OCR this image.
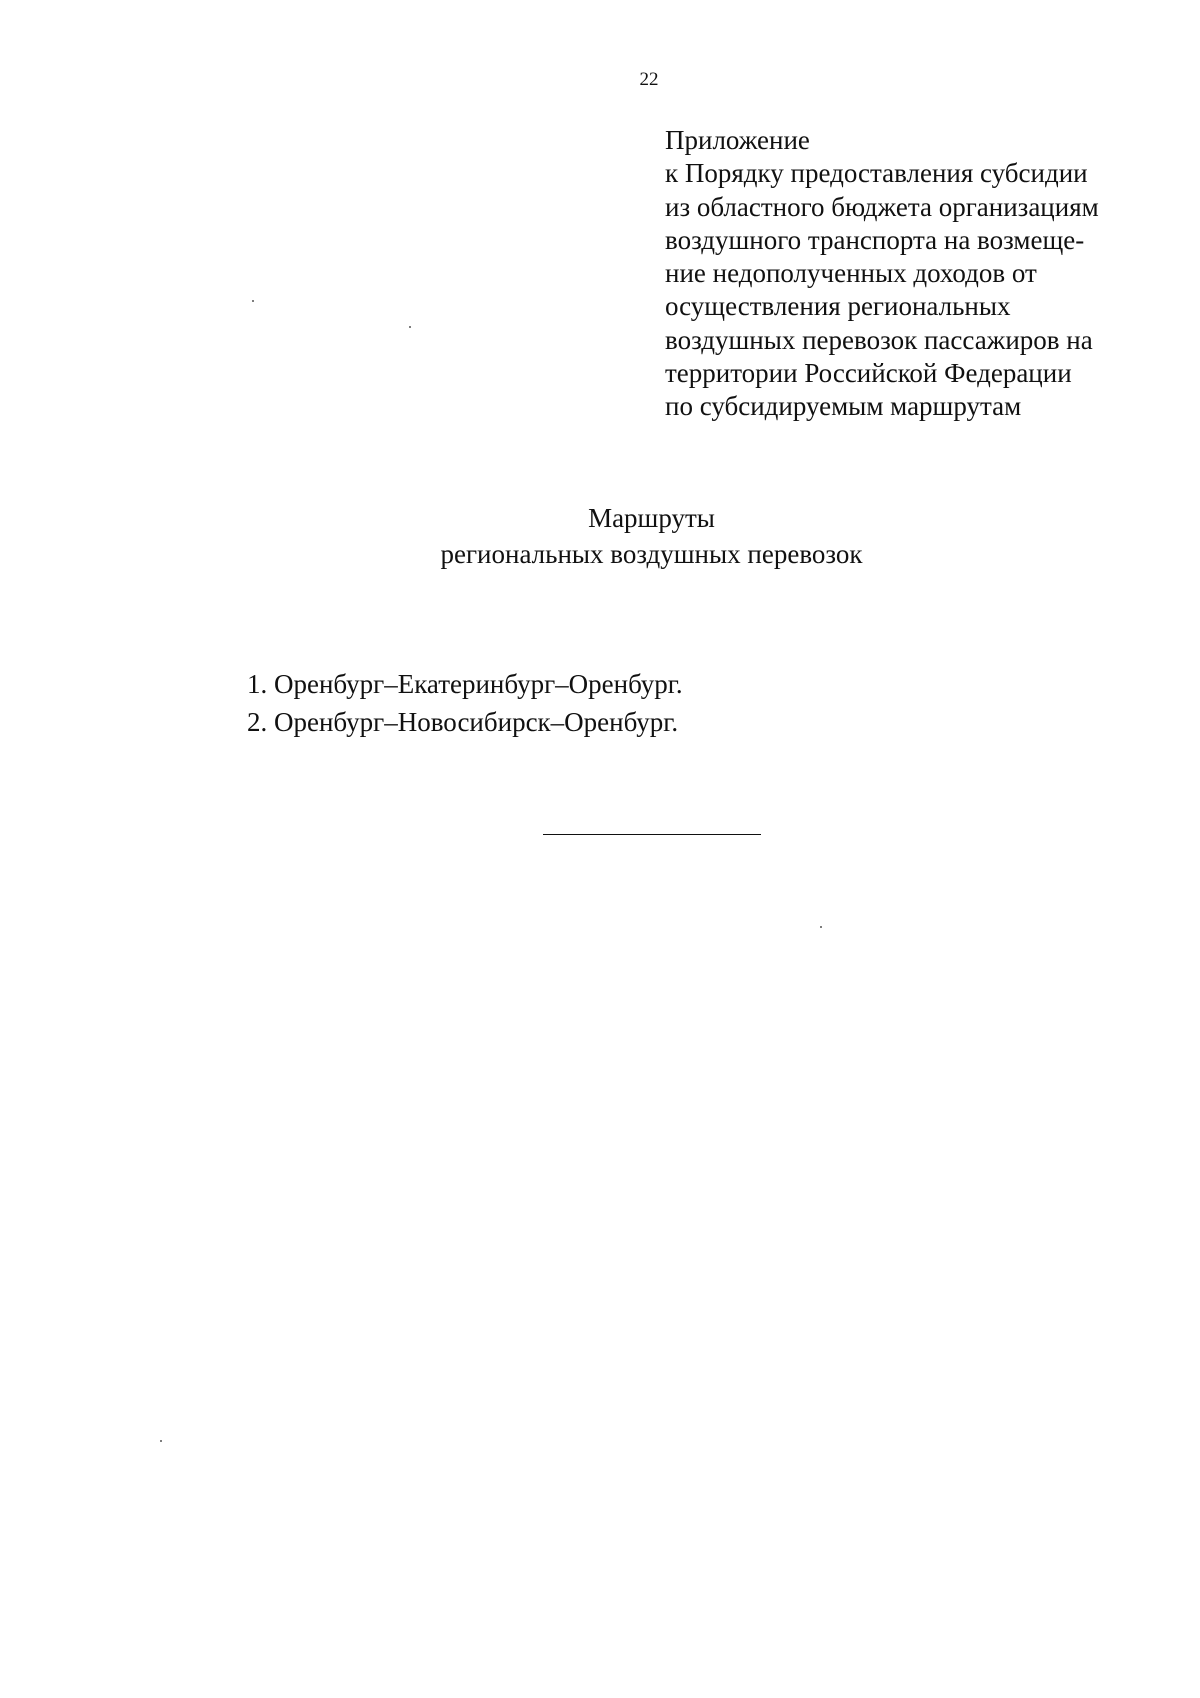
22
Приложение
к Порядку предоставления субсидии
из областного бюджета организациям
воздушного транспорта на возмеще-
ние недополученных доходов от
осуществления региональных
воздушных перевозок пассажиров на
территории Российской Федерации
по субсидируемым маршрутам
Маршруты
региональных воздушных перевозок
1. Оренбург–Екатеринбург–Оренбург.
2. Оренбург–Новосибирск–Оренбург.
